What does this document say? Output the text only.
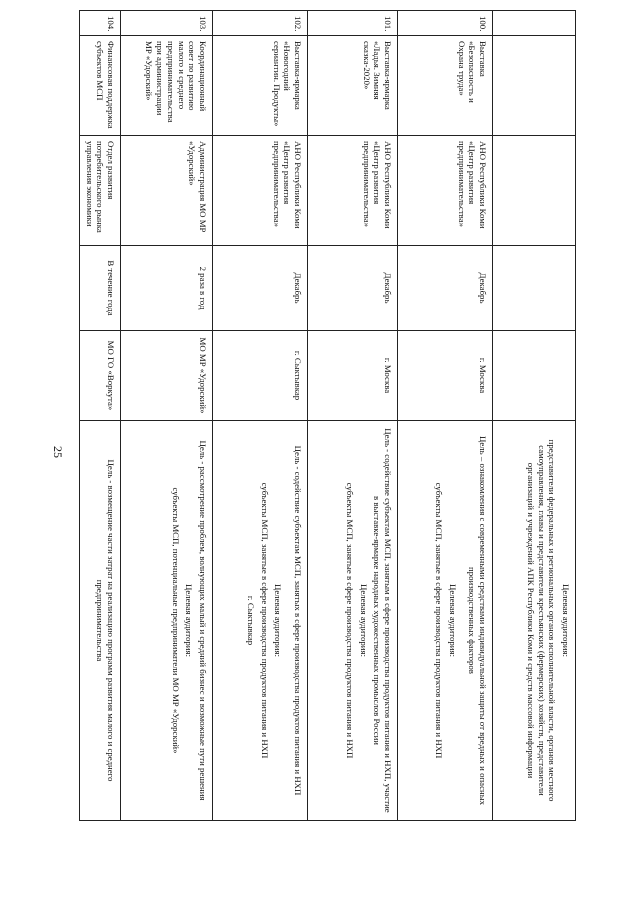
25

					Целевая аудитория:

представители федеральных и региональных органов исполнительной власти, органов местного самоуправления, главы и представители крестьянских (фермерских) хозяйств, представители организаций и учреждений АПК Республики Коми и средств массовой информации

100.	Выставка «Безопасность и Охрана труда»	АНО Республики Коми «Центр развития предпринимательства»	Декабрь	г. Москва	Цель – ознакомления с современными средствами индивидуальной защиты от вредных и опасных производственных факторов

Целевая аудитория:

субъекты МСП, занятые в сфере производства продуктов питания и НХП

101.	Выставка-ярмарка «Ладья. Зимняя сказка-2020»	АНО Республики Коми «Центр развития предпринимательства»	Декабрь	г. Москва	Цель - содействие субъектам МСП, занятым в сфере производства продуктов питания и НХП, участие в выставке-ярмарке народных художественных промыслов России

Целевая аудитория:

субъекты МСП, занятые в сфере производства продуктов питания и НХП

102.	Выставка-ярмарка «Новогодний сериантин. Продукты»	АНО Республики Коми «Центр развития предпринимательства»	Декабрь	г. Сыктывкар	Цель - содействие субъектам МСП, занятых в сфере производства продуктов питания и НХП

Целевая аудитория:

субъекты МСП, занятые в сфере производства продуктов питания и НХП

г. Сыктывкар

103.	Координационный совет по развитию малого и среднего предпринимательства при администрации МР «Удорский»	Администрация МО МР «Удорский»	2 раза в год	МО МР «Удорский»	Цель - рассмотрение проблем, волнующих малый и средний бизнес и возможные пути решения

Целевая аудитория:

субъекты МСП, потенциальные предприниматели МО МР «Удорский»

104.	Финансовая поддержка субъектов МСП	Отдел развития потребительского рынка управления экономики	В течение года	МО ГО «Воркута»	Цель - возмещение части затрат на реализацию программ развития малого и среднего предпринимательства
